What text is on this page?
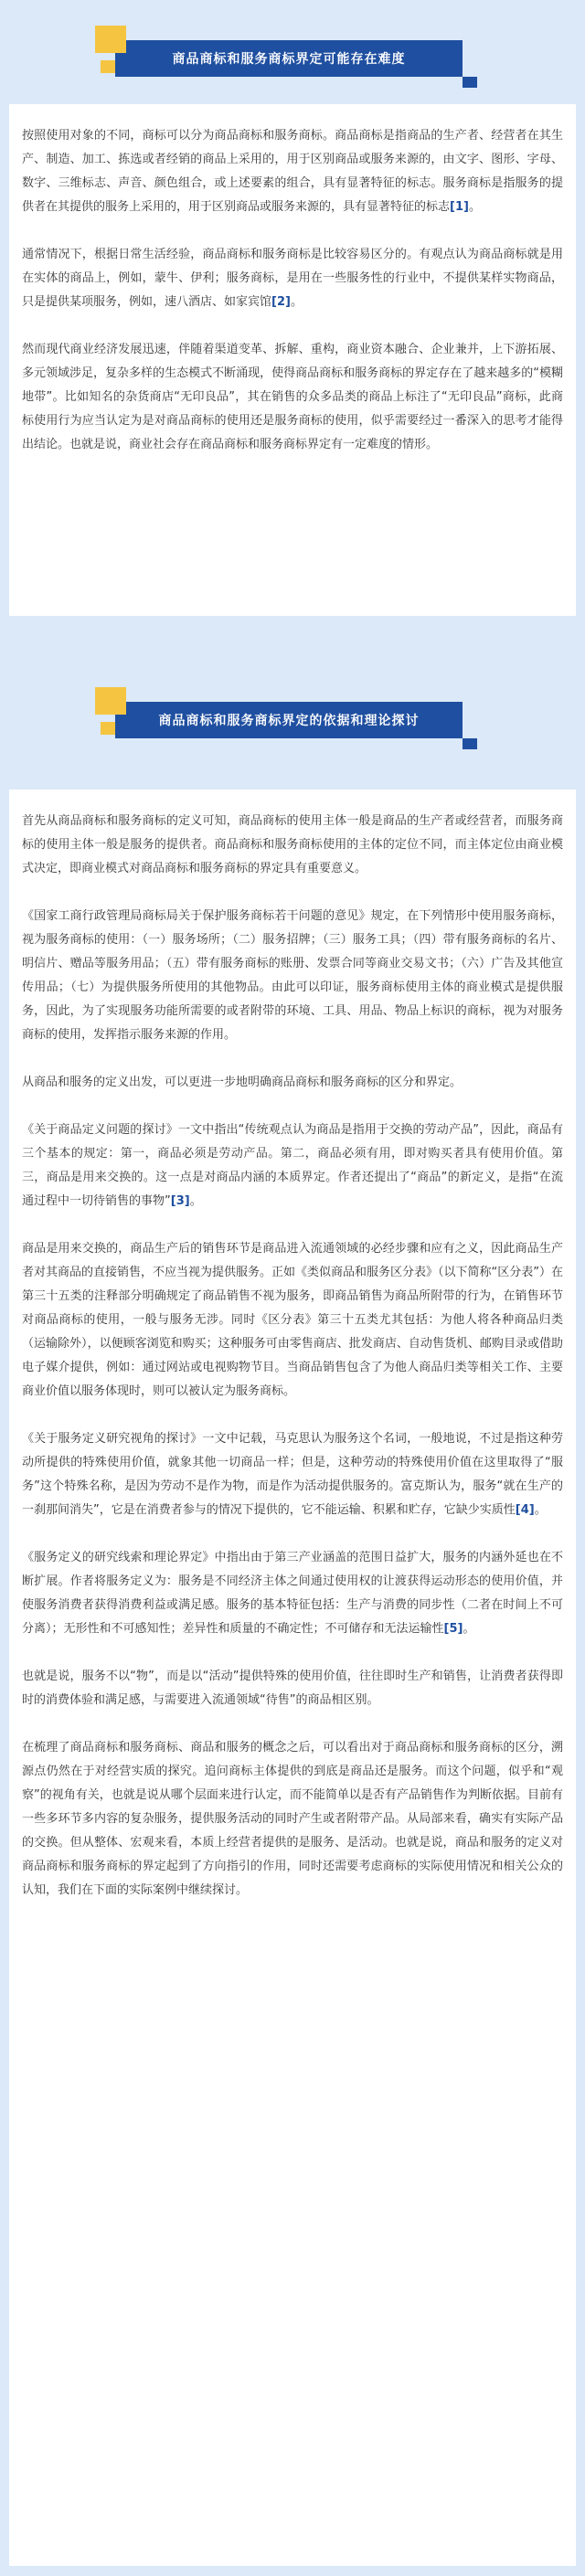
商品商标和服务商标界定可能存在难度

按照使用对象的不同，商标可以分为商品商标和服务商标。商品商标是指商品的生产者、经营者在其生产、制造、加工、拣选或者经销的商品上采用的，用于区别商品或服务来源的，由文字、图形、字母、数字、三维标志、声音、颜色组合，或上述要素的组合，具有显著特征的标志。服务商标是指服务的提供者在其提供的服务上采用的，用于区别商品或服务来源的，具有显著特征的标志[1]。

通常情况下，根据日常生活经验，商品商标和服务商标是比较容易区分的。有观点认为商品商标就是用在实体的商品上，例如，蒙牛、伊利；服务商标，是用在一些服务性的行业中，不提供某样实物商品，只是提供某项服务，例如，速八酒店、如家宾馆[2]。

然而现代商业经济发展迅速，伴随着渠道变革、拆解、重构，商业资本融合、企业兼并，上下游拓展、多元领域涉足，复杂多样的生态模式不断涌现，使得商品商标和服务商标的界定存在了越来越多的“模糊地带”。比如知名的杂货商店“无印良品”，其在销售的众多品类的商品上标注了“无印良品”商标，此商标使用行为应当认定为是对商品商标的使用还是服务商标的使用，似乎需要经过一番深入的思考才能得出结论。也就是说，商业社会存在商品商标和服务商标界定有一定难度的情形。

商品商标和服务商标界定的依据和理论探讨

首先从商品商标和服务商标的定义可知，商品商标的使用主体一般是商品的生产者或经营者，而服务商标的使用主体一般是服务的提供者。商品商标和服务商标使用的主体的定位不同，而主体定位由商业模式决定，即商业模式对商品商标和服务商标的界定具有重要意义。

《国家工商行政管理局商标局关于保护服务商标若干问题的意见》规定，在下列情形中使用服务商标，视为服务商标的使用：（一）服务场所；（二）服务招牌；（三）服务工具；（四）带有服务商标的名片、明信片、赠品等服务用品；（五）带有服务商标的账册、发票合同等商业交易文书；（六）广告及其他宣传用品；（七）为提供服务所使用的其他物品。由此可以印证，服务商标使用主体的商业模式是提供服务，因此，为了实现服务功能所需要的或者附带的环境、工具、用品、物品上标识的商标，视为对服务商标的使用，发挥指示服务来源的作用。

从商品和服务的定义出发，可以更进一步地明确商品商标和服务商标的区分和界定。

《关于商品定义问题的探讨》一文中指出“传统观点认为商品是指用于交换的劳动产品”，因此，商品有三个基本的规定：第一，商品必须是劳动产品。第二，商品必须有用，即对购买者具有使用价值。第三，商品是用来交换的。这一点是对商品内涵的本质界定。作者还提出了“商品”的新定义，是指“在流通过程中一切待销售的事物”[3]。

商品是用来交换的，商品生产后的销售环节是商品进入流通领域的必经步骤和应有之义，因此商品生产者对其商品的直接销售，不应当视为提供服务。正如《类似商品和服务区分表》（以下简称“区分表”）在第三十五类的注释部分明确规定了商品销售不视为服务，即商品销售为商品所附带的行为，在销售环节对商品商标的使用，一般与服务无涉。同时《区分表》第三十五类尤其包括：为他人将各种商品归类（运输除外），以便顾客浏览和购买；这种服务可由零售商店、批发商店、自动售货机、邮购目录或借助电子媒介提供，例如：通过网站或电视购物节目。当商品销售包含了为他人商品归类等相关工作、主要商业价值以服务体现时，则可以被认定为服务商标。

《关于服务定义研究视角的探讨》一文中记载，马克思认为服务这个名词，一般地说，不过是指这种劳动所提供的特殊使用价值，就象其他一切商品一样；但是，这种劳动的特殊使用价值在这里取得了“服务”这个特殊名称，是因为劳动不是作为物，而是作为活动提供服务的。富克斯认为，服务“就在生产的一刹那间消失”，它是在消费者参与的情况下提供的，它不能运输、积累和贮存，它缺少实质性[4]。

《服务定义的研究线索和理论界定》中指出由于第三产业涵盖的范围日益扩大，服务的内涵外延也在不断扩展。作者将服务定义为：服务是不同经济主体之间通过使用权的让渡获得运动形态的使用价值，并使服务消费者获得消费利益或满足感。服务的基本特征包括：生产与消费的同步性（二者在时间上不可分离）；无形性和不可感知性；差异性和质量的不确定性；不可储存和无法运输性[5]。

也就是说，服务不以“物”，而是以“活动”提供特殊的使用价值，往往即时生产和销售，让消费者获得即时的消费体验和满足感，与需要进入流通领域“待售”的商品相区别。

在梳理了商品商标和服务商标、商品和服务的概念之后，可以看出对于商品商标和服务商标的区分，溯源点仍然在于对经营实质的探究。追问商标主体提供的到底是商品还是服务。而这个问题，似乎和“观察”的视角有关，也就是说从哪个层面来进行认定，而不能简单以是否有产品销售作为判断依据。目前有一些多环节多内容的复杂服务，提供服务活动的同时产生或者附带产品。从局部来看，确实有实际产品的交换。但从整体、宏观来看，本质上经营者提供的是服务、是活动。也就是说，商品和服务的定义对商品商标和服务商标的界定起到了方向指引的作用，同时还需要考虑商标的实际使用情况和相关公众的认知，我们在下面的实际案例中继续探讨。
